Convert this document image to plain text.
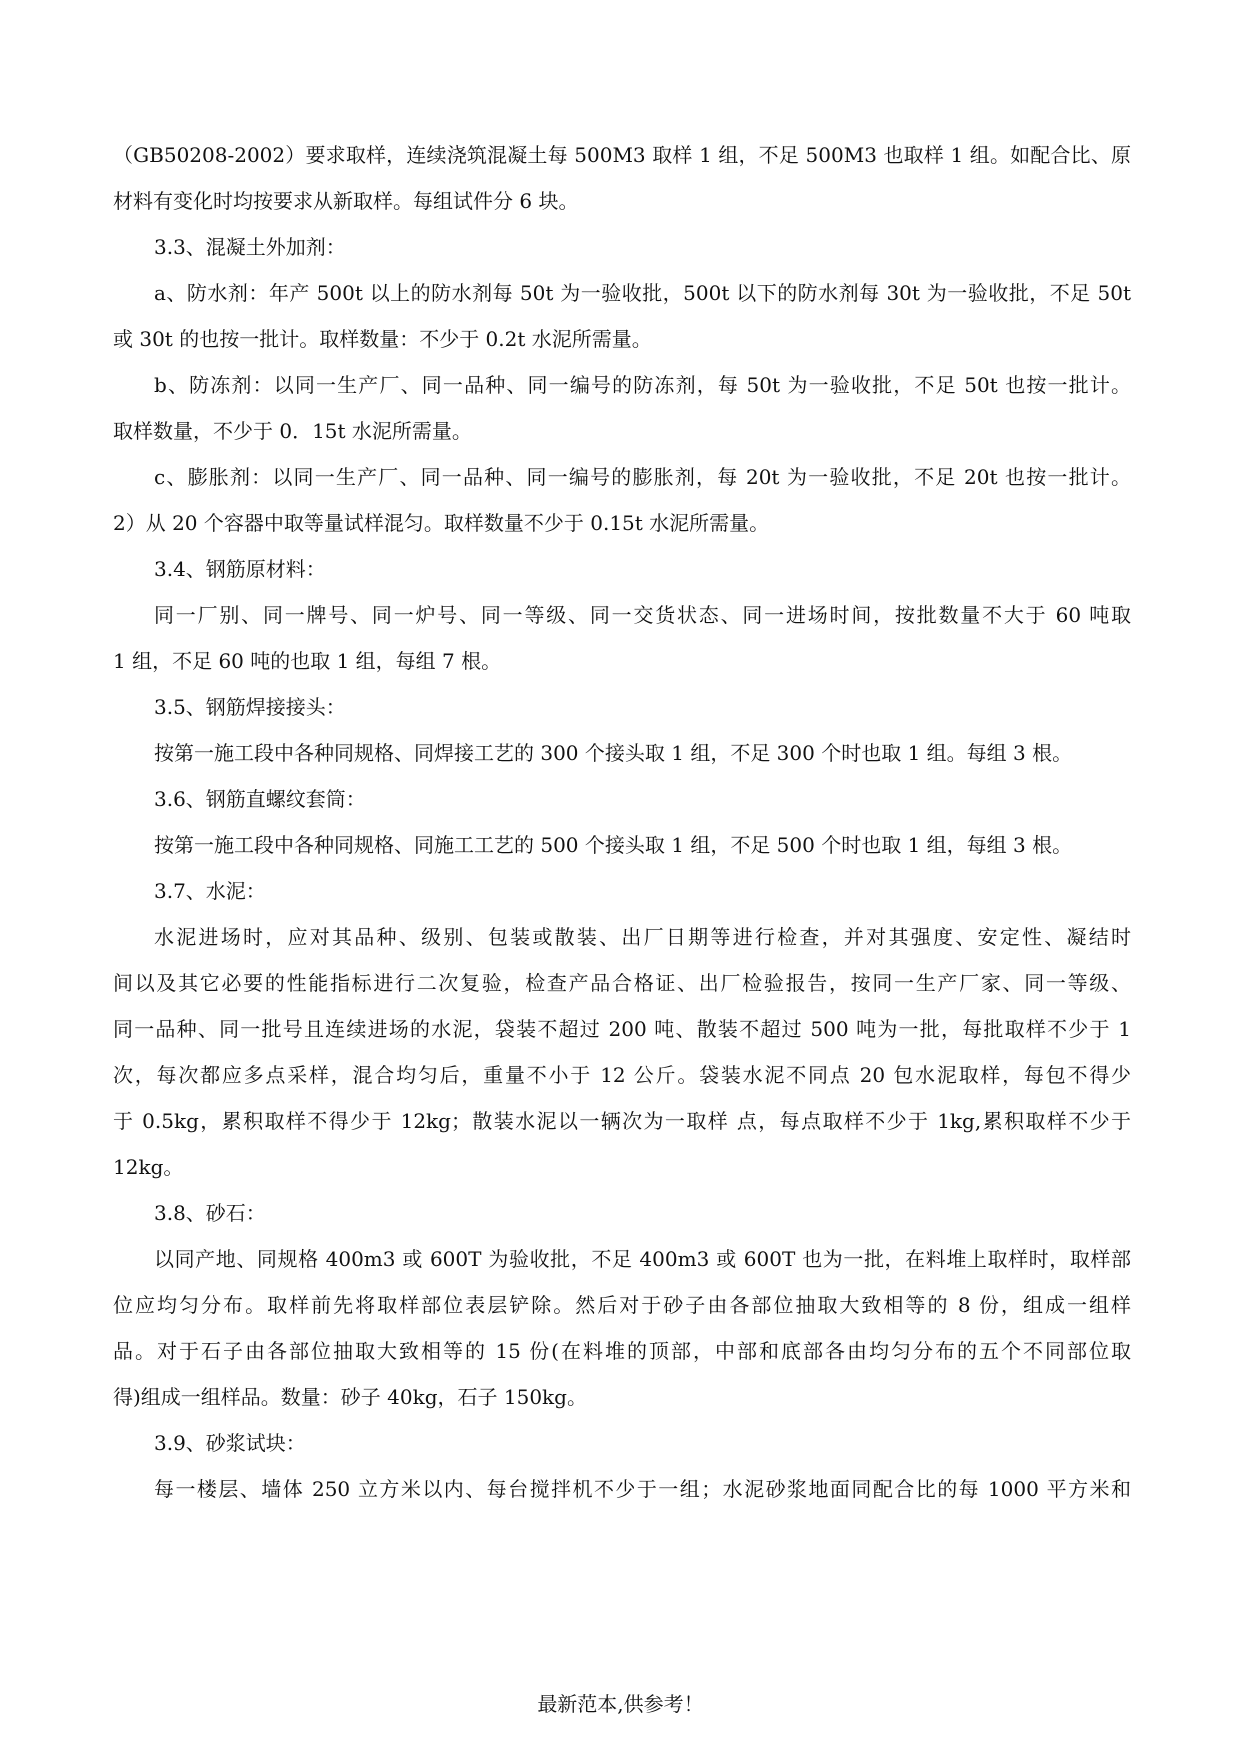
（GB50208-2002）要求取样，连续浇筑混凝土每 500M3 取样 1 组，不足 500M3 也取样 1 组。如配合比、原
材料有变化时均按要求从新取样。每组试件分 6 块。
3.3、混凝土外加剂：
a、防水剂：年产 500t 以上的防水剂每 50t 为一验收批，500t 以下的防水剂每 30t 为一验收批，不足 50t
或 30t 的也按一批计。取样数量：不少于 0.2t 水泥所需量。
b、防冻剂：以同一生产厂、同一品种、同一编号的防冻剂，每 50t 为一验收批，不足 50t 也按一批计。
取样数量，不少于 0．15t 水泥所需量。
c、膨胀剂：以同一生产厂、同一品种、同一编号的膨胀剂，每 20t 为一验收批，不足 20t 也按一批计。
2）从 20 个容器中取等量试样混匀。取样数量不少于 0.15t 水泥所需量。
3.4、钢筋原材料：
同一厂别、同一牌号、同一炉号、同一等级、同一交货状态、同一进场时间，按批数量不大于 60 吨取
1 组，不足 60 吨的也取 1 组，每组 7 根。
3.5、钢筋焊接接头：
按第一施工段中各种同规格、同焊接工艺的 300 个接头取 1 组，不足 300 个时也取 1 组。每组 3 根。
3.6、钢筋直螺纹套筒：
按第一施工段中各种同规格、同施工工艺的 500 个接头取 1 组，不足 500 个时也取 1 组，每组 3 根。
3.7、水泥：
水泥进场时，应对其品种、级别、包装或散装、出厂日期等进行检查，并对其强度、安定性、凝结时
间以及其它必要的性能指标进行二次复验，检查产品合格证、出厂检验报告，按同一生产厂家、同一等级、
同一品种、同一批号且连续进场的水泥，袋装不超过 200 吨、散装不超过 500 吨为一批，每批取样不少于 1
次，每次都应多点采样，混合均匀后，重量不小于 12 公斤。袋装水泥不同点 20 包水泥取样，每包不得少
于 0.5kg，累积取样不得少于 12kg；散装水泥以一辆次为一取样 点，每点取样不少于 1kg,累积取样不少于
12kg。
3.8、砂石：
以同产地、同规格 400m3 或 600T 为验收批，不足 400m3 或 600T 也为一批，在料堆上取样时，取样部
位应均匀分布。取样前先将取样部位表层铲除。然后对于砂子由各部位抽取大致相等的 8 份，组成一组样
品。对于石子由各部位抽取大致相等的 15 份(在料堆的顶部，中部和底部各由均匀分布的五个不同部位取
得)组成一组样品。数量：砂子 40kg，石子 150kg。
3.9、砂浆试块：
每一楼层、墙体 250 立方米以内、每台搅拌机不少于一组；水泥砂浆地面同配合比的每 1000 平方米和
最新范本,供参考！
